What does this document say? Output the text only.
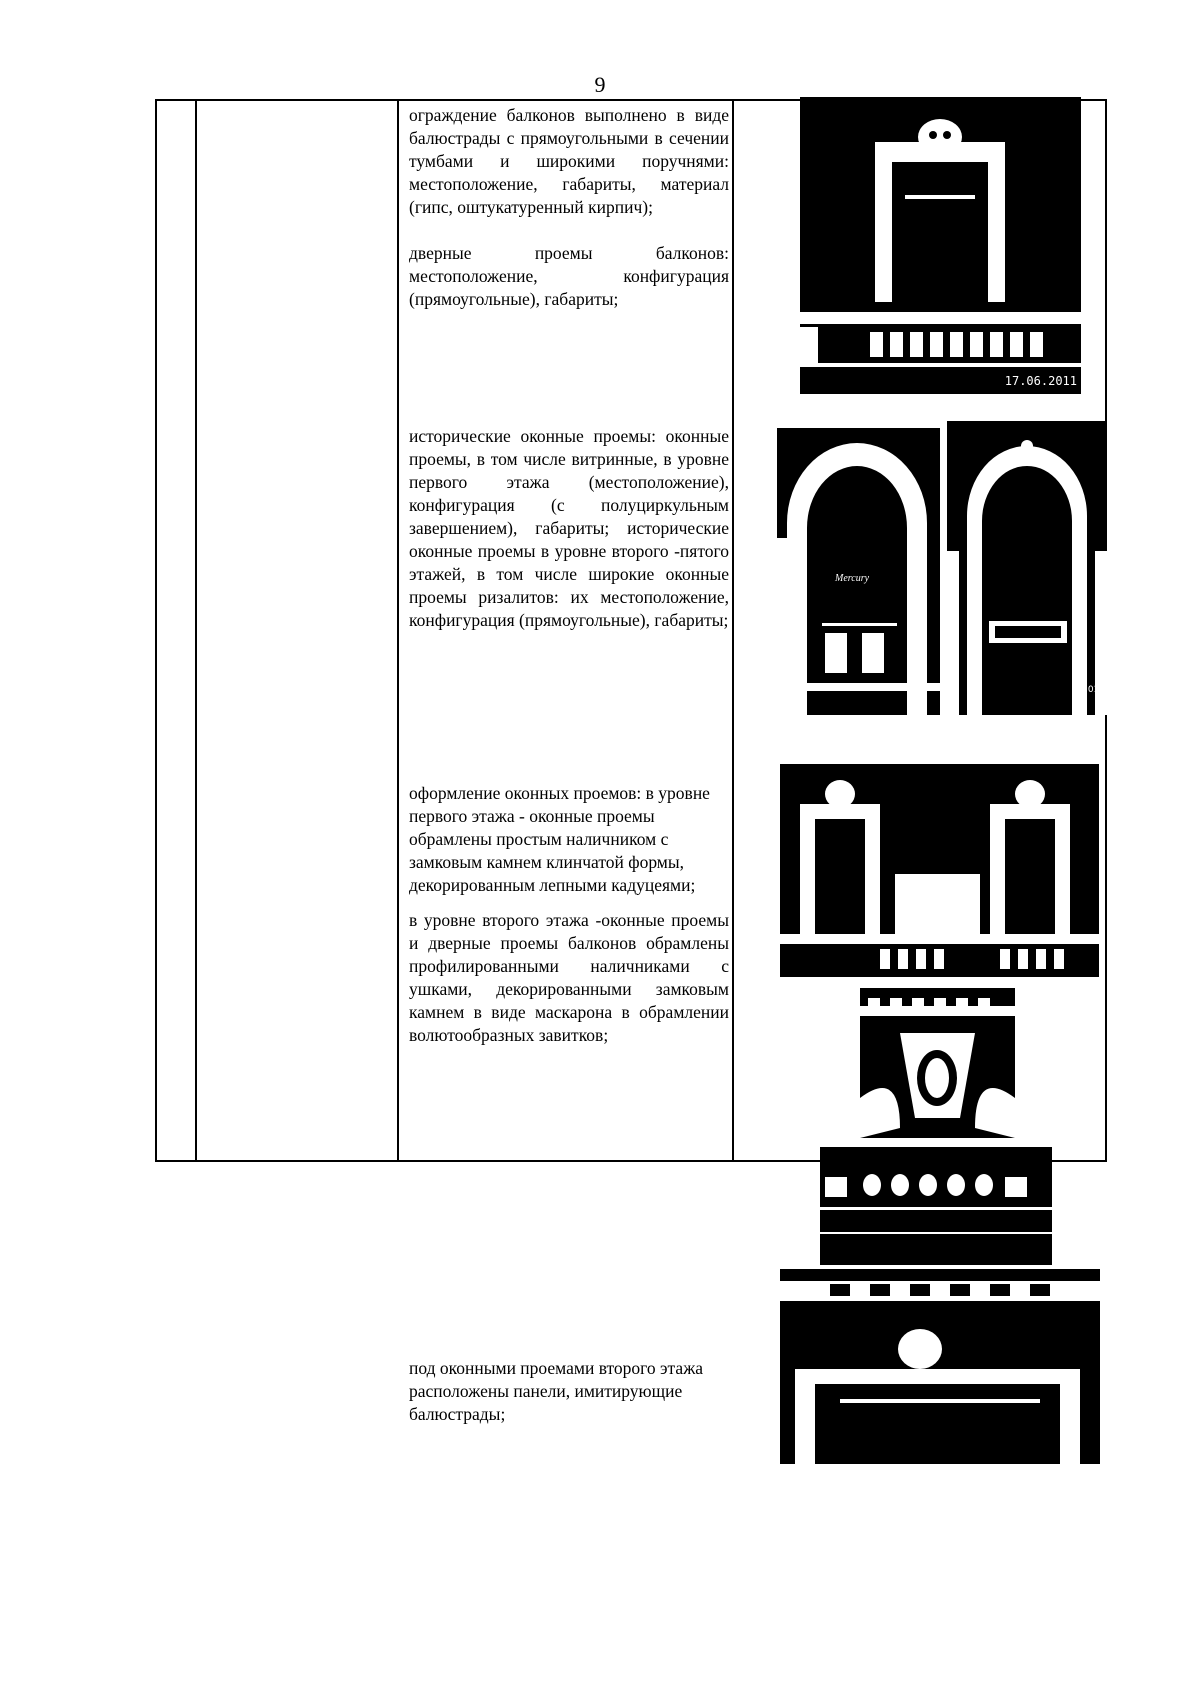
9

ограждение балконов выполнено в виде балюстрады с прямоугольными в сечении тумбами и широкими поручнями: местоположение, габариты, материал (гипс, оштукатуренный кирпич);

дверные проемы балконов: местоположение, конфигурация (прямоугольные), габариты;

исторические оконные проемы: оконные проемы, в том числе витринные, в уровне первого этажа (местоположение), конфигурация (с полуциркульным завершением), габариты; исторические оконные проемы в уровне второго -пятого этажей, в том числе широкие оконные проемы ризалитов: их местоположение, конфигурация (прямоугольные), габариты;

оформление оконных проемов: в уровне первого этажа - оконные проемы обрамлены простым наличником с замковым камнем клинчатой формы, декорированным лепными кадуцеями;

в уровне второго этажа -оконные проемы и дверные проемы балконов обрамлены профилированными наличниками с ушками, декорированными замковым камнем в виде маскарона в обрамлении волютообразных завитков;

под оконными проемами второго этажа расположены панели, имитирующие балюстрады;

17.06.2011
Mercury
2011
